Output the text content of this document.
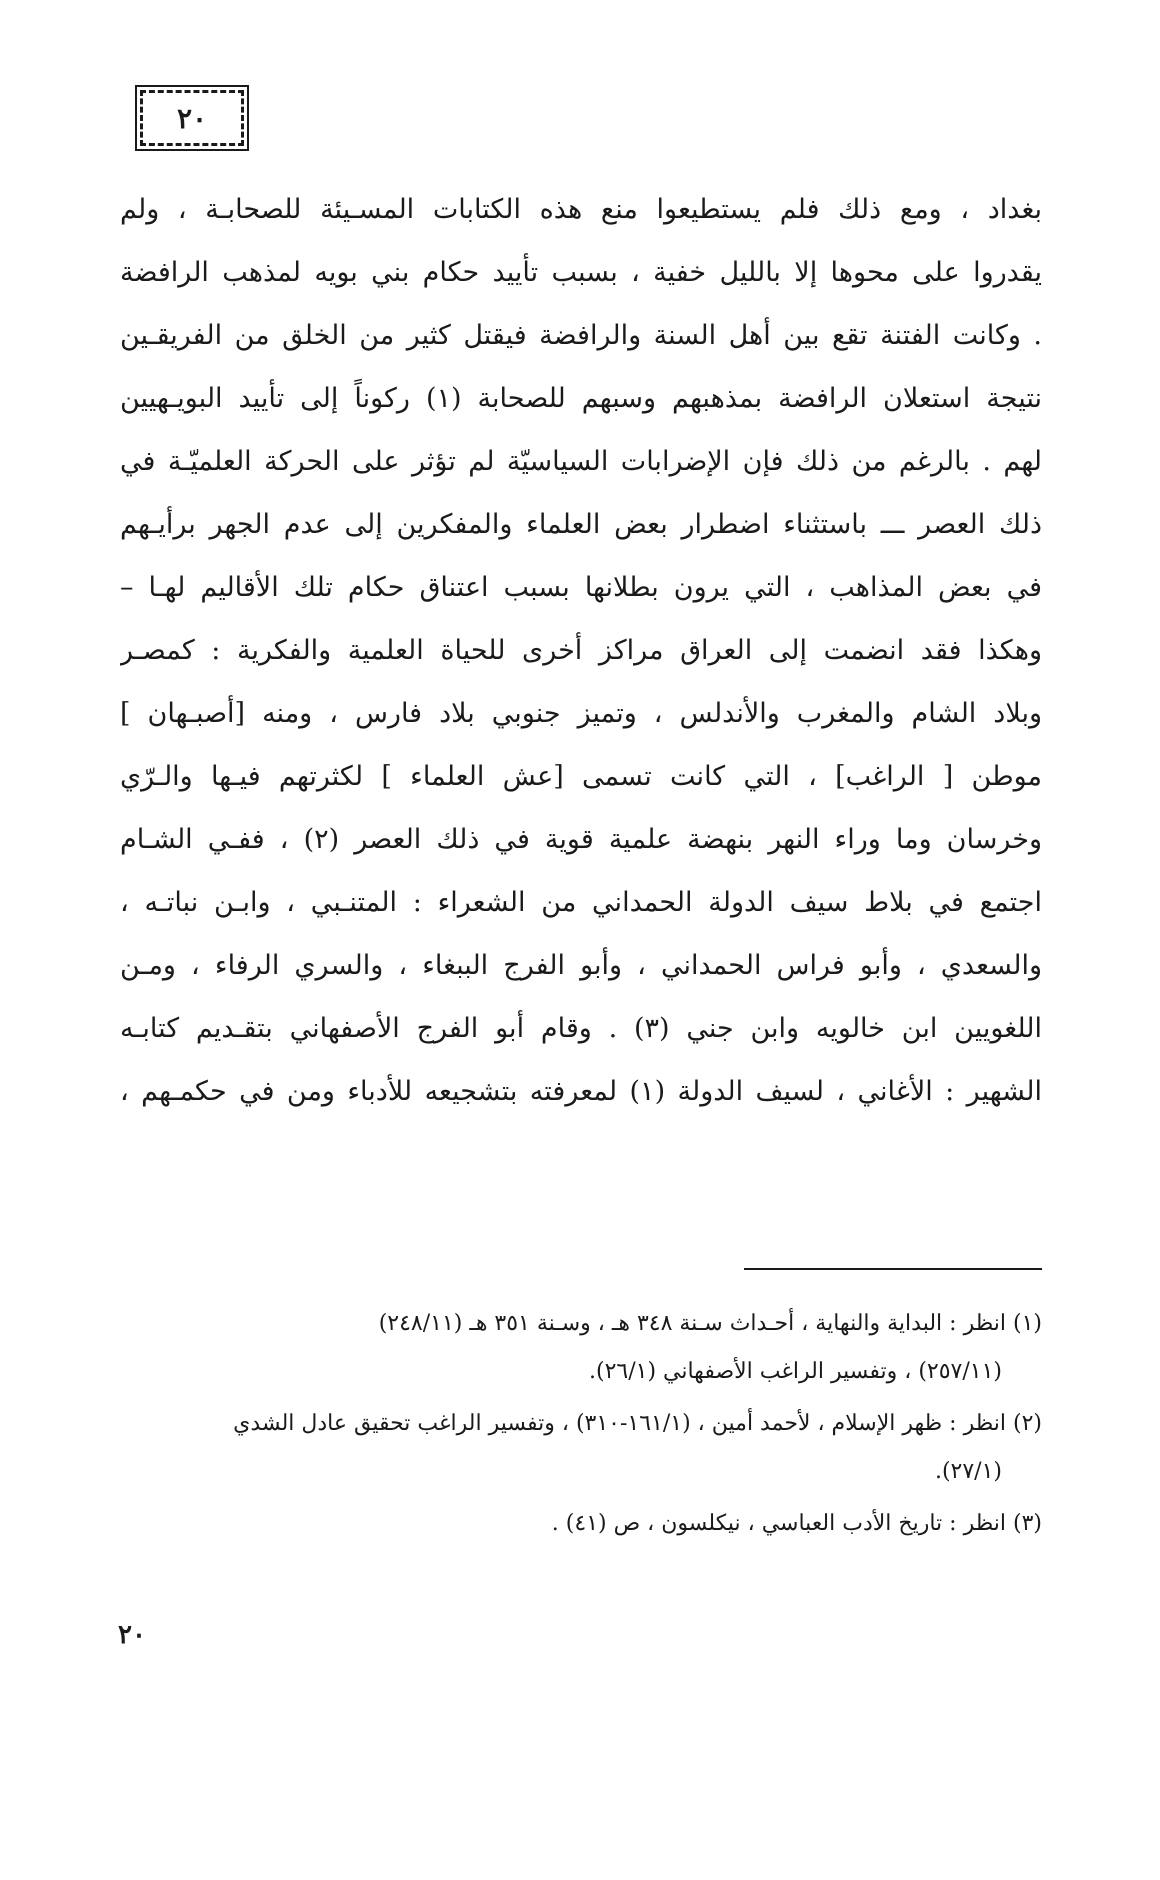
٢٠
بغداد ، ومع ذلك فلم يستطيعوا منع هذه الكتابات المسـيئة للصحابـة ، ولم
يقدروا على محوها إلا بالليل خفية ، بسبب تأييد حكام بني بويه لمذهب الرافضة
. وكانت الفتنة تقع بين أهل السنة والرافضة فيقتل كثير من الخلق من الفريقـين
نتيجة استعلان الرافضة بمذهبهم وسبهم للصحابة (١) ركوناً إلى تأييد البويـهيين
لهم . بالرغم من ذلك فإن الإضرابات السياسيّة لم تؤثر على الحركة العلميّـة في
ذلك العصر ـــ باستثناء اضطرار بعض العلماء والمفكرين إلى عدم الجهر برأيـهم
في بعض المذاهب ، التي يرون بطلانها بسبب اعتناق حكام تلك الأقاليم لهـا –
وهكذا فقد انضمت إلى العراق مراكز أخرى للحياة العلمية والفكرية : كمصـر
وبلاد الشام والمغرب والأندلس ، وتميز جنوبي بلاد فارس ، ومنه [أصبـهان ]
موطن [ الراغب] ، التي كانت تسمى [عش العلماء ] لكثرتهم فيـها والـرّي
وخرسان وما وراء النهر بنهضة علمية قوية في ذلك العصر (٢) ، ففـي الشـام
اجتمع في بلاط سيف الدولة الحمداني من الشعراء : المتنـبي ، وابـن نباتـه ،
والسعدي ، وأبو فراس الحمداني ، وأبو الفرج الببغاء ، والسري الرفاء ، ومـن
اللغويين ابن خالويه وابن جني (٣) . وقام أبو الفرج الأصفهاني بتقـديم كتابـه
الشهير : الأغاني ، لسيف الدولة (١) لمعرفته بتشجيعه للأدباء ومن في حكمـهم ،
(١) انظر : البداية والنهاية ، أحـداث سـنة ٣٤٨ هـ ، وسـنة ٣٥١ هـ (٢٤٨/١١)
(٢٥٧/١١) ، وتفسير الراغب الأصفهاني (٢٦/١).
(٢) انظر : ظهر الإسلام ، لأحمد أمين ، (١٦١/١-٣١٠) ، وتفسير الراغب تحقيق عادل الشدي
(٢٧/١).
(٣) انظر : تاريخ الأدب العباسي ، نيكلسون ، ص (٤١) .
٢٠
